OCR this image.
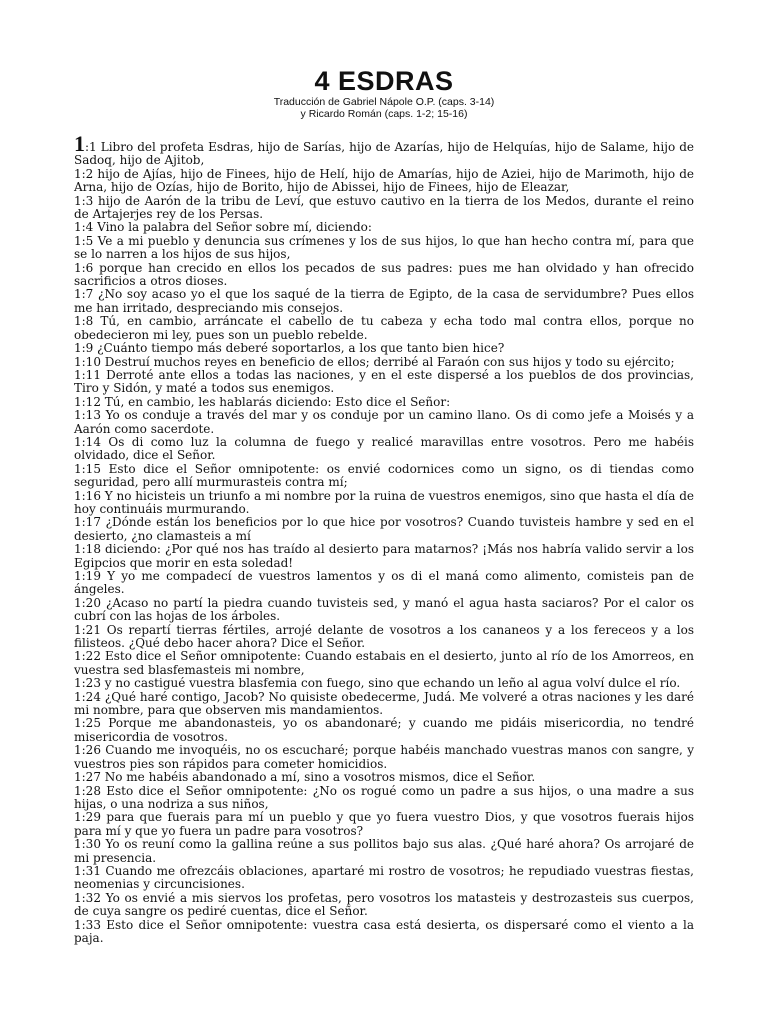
4 ESDRAS

Traducción de Gabriel Nápole O.P. (caps. 3-14)

y Ricardo Román (caps. 1-2; 15-16)

1:1 Libro del profeta Esdras, hijo de Sarías, hijo de Azarías, hijo de Helquías, hijo de Salame, hijo de Sadoq, hijo de Ajitob,

1:2 hijo de Ajías, hijo de Finees, hijo de Helí, hijo de Amarías, hijo de Aziei, hijo de Marimoth, hijo de Arna, hijo de Ozías, hijo de Borito, hijo de Abissei, hijo de Finees, hijo de Eleazar,

1:3 hijo de Aarón de la tribu de Leví, que estuvo cautivo en la tierra de los Medos, durante el reino de Artajerjes rey de los Persas.

1:4 Vino la palabra del Señor sobre mí, diciendo:

1:5 Ve a mi pueblo y denuncia sus crímenes y los de sus hijos, lo que han hecho contra mí, para que se lo narren a los hijos de sus hijos,

1:6 porque han crecido en ellos los pecados de sus padres: pues me han olvidado y han ofrecido sacrificios a otros dioses.

1:7 ¿No soy acaso yo el que los saqué de la tierra de Egipto, de la casa de servidumbre? Pues ellos me han irritado, despreciando mis consejos.

1:8 Tú, en cambio, arráncate el cabello de tu cabeza y echa todo mal contra ellos, porque no obedecieron mi ley, pues son un pueblo rebelde.

1:9 ¿Cuánto tiempo más deberé soportarlos, a los que tanto bien hice?

1:10 Destruí muchos reyes en beneficio de ellos; derribé al Faraón con sus hijos y todo su ejército;

1:11 Derroté ante ellos a todas las naciones, y en el este dispersé a los pueblos de dos provincias, Tiro y Sidón, y maté a todos sus enemigos.

1:12 Tú, en cambio, les hablarás diciendo: Esto dice el Señor:

1:13 Yo os conduje a través del mar y os conduje por un camino llano. Os di como jefe a Moisés y a Aarón como sacerdote.

1:14 Os di como luz la columna de fuego y realicé maravillas entre vosotros. Pero me habéis olvidado, dice el Señor.

1:15 Esto dice el Señor omnipotente: os envié codornices como un signo, os di tiendas como seguridad, pero allí murmurasteis contra mí;

1:16 Y no hicisteis un triunfo a mi nombre por la ruina de vuestros enemigos, sino que hasta el día de hoy continuáis murmurando.

1:17 ¿Dónde están los beneficios por lo que hice por vosotros? Cuando tuvisteis hambre y sed en el desierto, ¿no clamasteis a mí

1:18 diciendo: ¿Por qué nos has traído al desierto para matarnos? ¡Más nos habría valido servir a los Egipcios que morir en esta soledad!

1:19 Y yo me compadecí de vuestros lamentos y os di el maná como alimento, comisteis pan de ángeles.

1:20 ¿Acaso no partí la piedra cuando tuvisteis sed, y manó el agua hasta saciaros? Por el calor os cubrí con las hojas de los árboles.

1:21 Os repartí tierras fértiles, arrojé delante de vosotros a los cananeos y a los fereceos y a los filisteos. ¿Qué debo hacer ahora? Dice el Señor.

1:22 Esto dice el Señor omnipotente: Cuando estabais en el desierto, junto al río de los Amorreos, en vuestra sed blasfemasteis mi nombre,

1:23 y no castigué vuestra blasfemia con fuego, sino que echando un leño al agua volví dulce el río.

1:24 ¿Qué haré contigo, Jacob? No quisiste obedecerme, Judá. Me volveré a otras naciones y les daré mi nombre, para que observen mis mandamientos.

1:25 Porque me abandonasteis, yo os abandonaré; y cuando me pidáis misericordia, no tendré misericordia de vosotros.

1:26 Cuando me invoquéis, no os escucharé; porque habéis manchado vuestras manos con sangre, y vuestros pies son rápidos para cometer homicidios.

1:27 No me habéis abandonado a mí, sino a vosotros mismos, dice el Señor.

1:28 Esto dice el Señor omnipotente: ¿No os rogué como un padre a sus hijos, o una madre a sus hijas, o una nodriza a sus niños,

1:29 para que fuerais para mí un pueblo y que yo fuera vuestro Dios, y que vosotros fuerais hijos para mí y que yo fuera un padre para vosotros?

1:30 Yo os reuní como la gallina reúne a sus pollitos bajo sus alas. ¿Qué haré ahora? Os arrojaré de mi presencia.

1:31 Cuando me ofrezcáis oblaciones, apartaré mi rostro de vosotros; he repudiado vuestras fiestas, neomenias y circuncisiones.

1:32 Yo os envié a mis siervos los profetas, pero vosotros los matasteis y destrozasteis sus cuerpos, de cuya sangre os pediré cuentas, dice el Señor.

1:33 Esto dice el Señor omnipotente: vuestra casa está desierta, os dispersaré como el viento a la paja.
